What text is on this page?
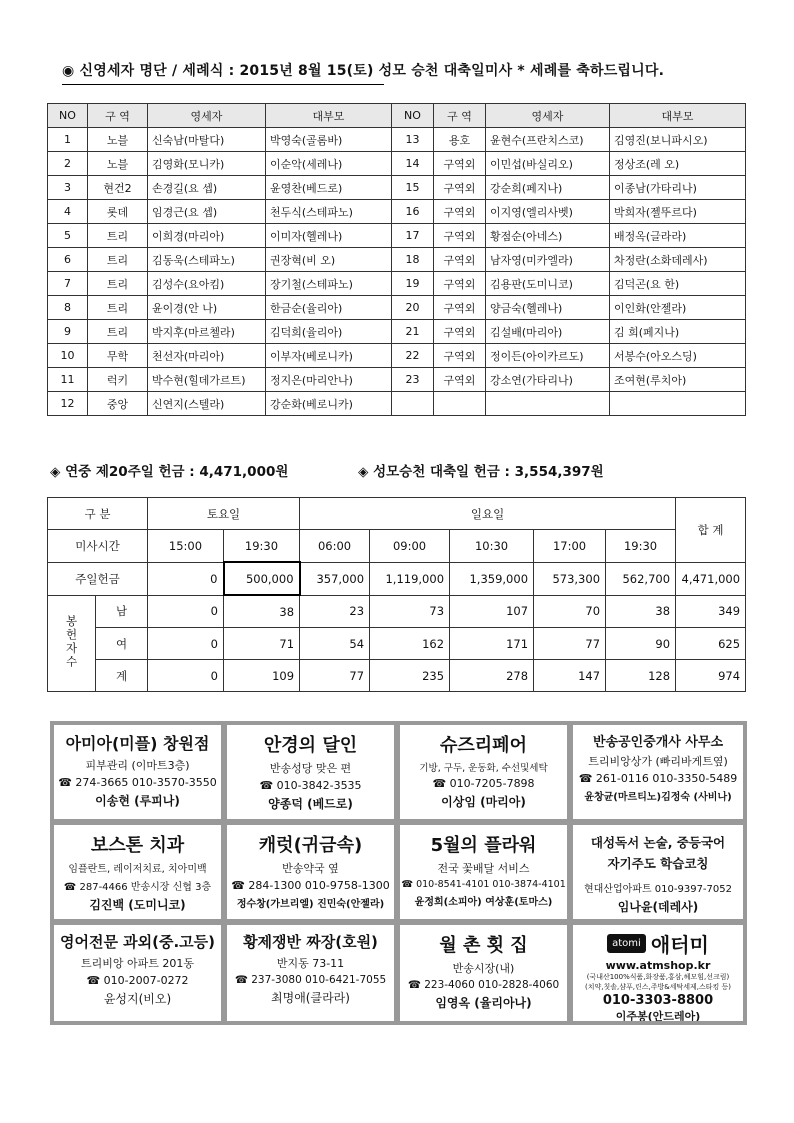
◉ 신영세자 명단 / 세례식 : 2015년 8월 15(토) 성모 승천 대축일미사 * 세례를 축하드립니다.
NO	구 역	영세자	대부모	NO	구 역	영세자	대부모
1	노블	신숙남(마탈다)	박영숙(골롬바)	13	용호	윤현수(프란치스코)	김영진(보니파시오)
2	노블	김영화(모니카)	이순악(세레나)	14	구역외	이민섭(바실리오)	정상조(레 오)
3	현건2	손경길(요 셉)	윤영찬(베드로)	15	구역외	강순희(페지나)	이종남(가타리나)
4	롯데	임경근(요 셉)	천두식(스테파노)	16	구역외	이지영(엘리사벳)	박희자(젤뚜르다)
5	트리	이희경(마리아)	이미자(헬레나)	17	구역외	황점순(아네스)	배정옥(글라라)
6	트리	김동욱(스테파노)	권장혁(비 오)	18	구역외	남자영(미카엘라)	차정란(소화데레사)
7	트리	김성수(요아킴)	장기철(스테파노)	19	구역외	김용판(도미니코)	김덕곤(요 한)
8	트리	윤이경(안 나)	한금순(율리아)	20	구역외	양금숙(헬레나)	이인화(안젤라)
9	트리	박지후(마르첼라)	김덕희(율리아)	21	구역외	김설배(마리아)	김 희(페지나)
10	무학	천선자(마리아)	이부자(베로니카)	22	구역외	정이든(아이카르도)	서봉수(아오스딩)
11	럭키	박수현(힐데가르트)	정지은(마리안나)	23	구역외	강소연(가타리나)	조여현(루치아)
12	중앙	신연지(스텔라)	강순화(베로니카)				
◈ 연중 제20주일 헌금 : 4,471,000원	◈ 성모승천 대축일 헌금 : 3,554,397원
구 분		토요일		일요일					합 계
미사시간		15:00	19:30	06:00	09:00	10:30	17:00	19:30	
주일헌금		0	500,000	357,000	1,119,000	1,359,000	573,300	562,700	4,471,000
봉헌자수	남	0	38	23	73	107	70	38	349
	여	0	71	54	162	171	77	90	625
	계	0	109	77	235	278	147	128	974
아미아(미플) 창원점
피부관리 (이마트3층)
☎ 274-3665 010-3570-3550
이송현 (루피나)
안경의 달인
반송성당 맞은 편
☎ 010-3842-3535
양종덕 (베드로)
슈즈리페어
기방, 구두, 운동화, 수선및세탁
☎ 010-7205-7898
이상임 (마리아)
반송공인중개사 사무소
트리비앙상가 (빠리바게트옆)
☎ 261-0116 010-3350-5489
윤창균(마르티노)김정숙 (사비나)
보스톤 치과
임플란트, 레이저치료, 치아미백
☎ 287-4466 반송시장 신협 3층
김진백 (도미니코)
캐럿(귀금속)
반송약국 옆
☎ 284-1300 010-9758-1300
정수창(가브리엘) 진민숙(안젤라)
5월의 플라워
전국 꽃배달 서비스
☎ 010-8541-4101 010-3874-4101
윤정희(소피아) 여상훈(토마스)
대성독서 논술, 중등국어
자기주도 학습코칭
현대산업아파트 010-9397-7052
임나윤(데레사)
영어전문 과외(중.고등)
트리비앙 아파트 201동
☎ 010-2007-0272
윤성지(비오)
황제쟁반 짜장(호원)
반지동 73-11
☎ 237-3080 010-6421-7055
최명애(클라라)
월 촌 횟 집
반송시장(내)
☎ 223-4060 010-2828-4060
임영옥 (율리아나)
atomi 애터미
www.atmshop.kr
(국내산100%식품,화장품,홍삼,헤모힘,선크림)
(치약,칫솔,샴푸,린스,주방&세탁세제,스타킹 등)
010-3303-8800
이주봉(안드레아)
